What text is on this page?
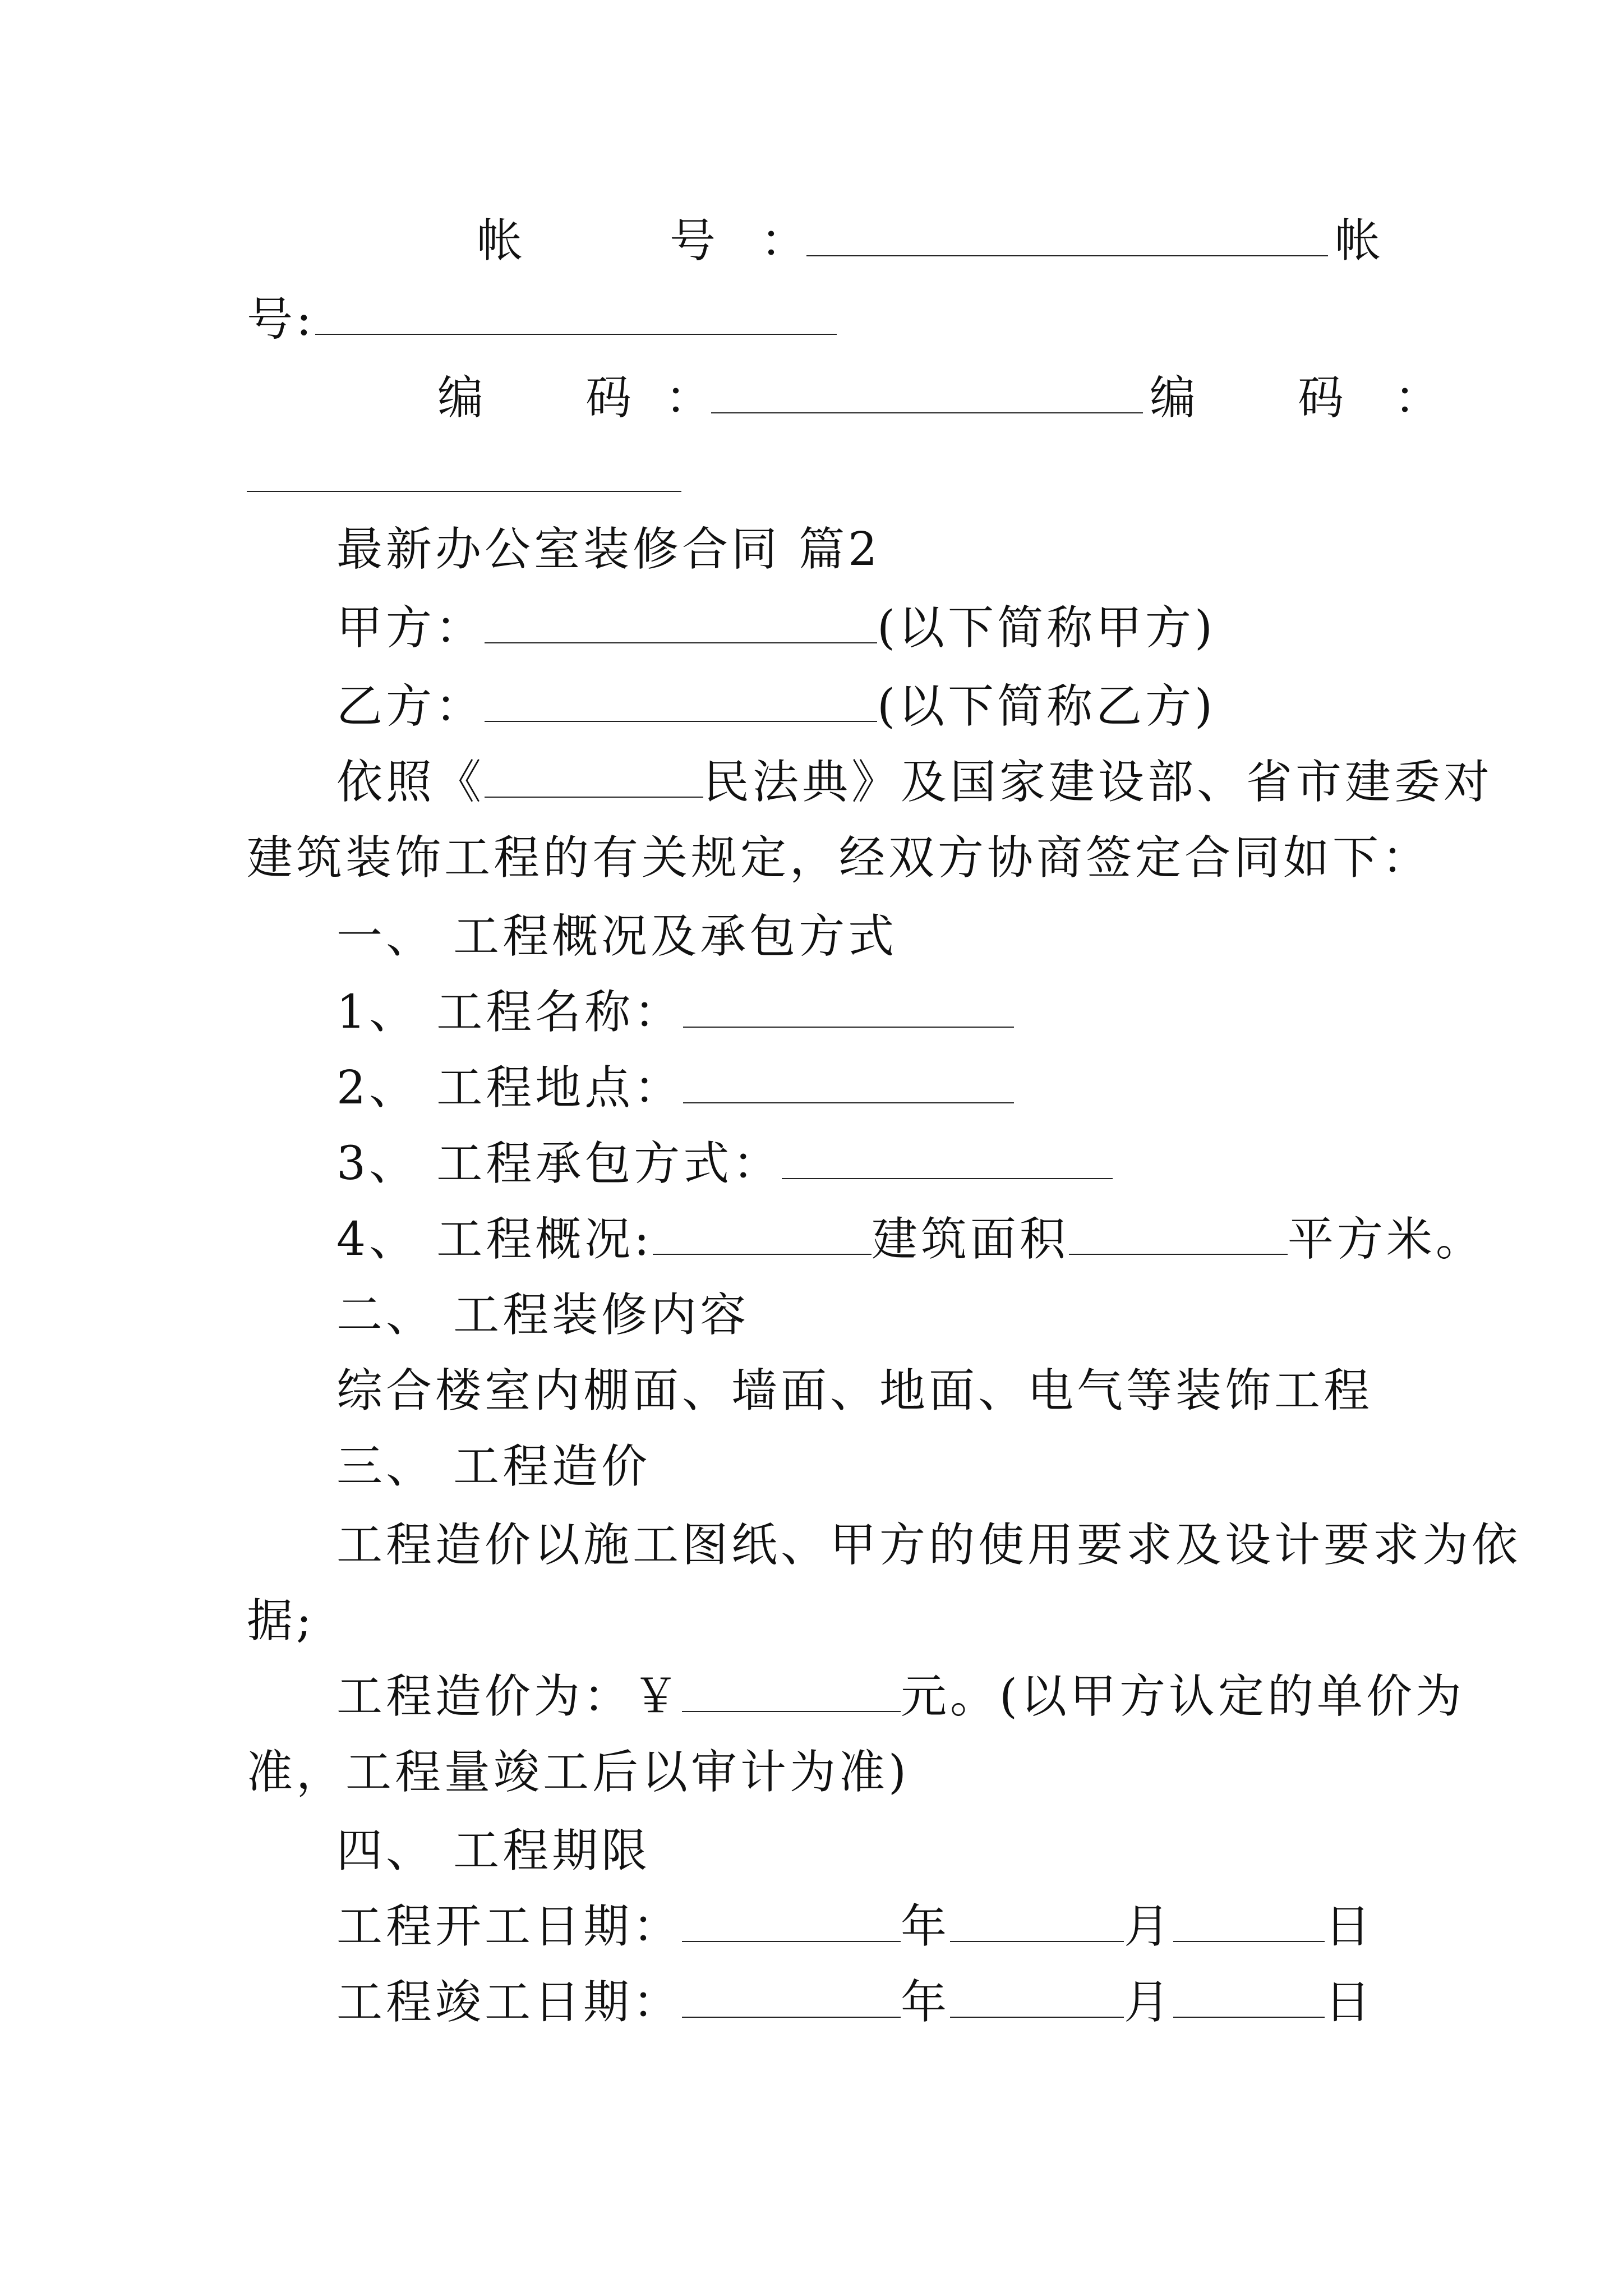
帐　号：	帐
号:
编　码 ：	编　码 ：
最新办公室装修合同 篇2
甲方：	(以下简称甲方)
乙方：	(以下简称乙方)
依照《	民法典》及国家建设部、省市建委对
建筑装饰工程的有关规定，经双方协商签定合同如下：
一、 工程概况及承包方式
1、 工程名称：
2、 工程地点：
3、 工程承包方式：
4、 工程概况:	建筑面积	平方米。
二、 工程装修内容
综合楼室内棚面、墙面、地面、电气等装饰工程
三、 工程造价
工程造价以施工图纸、甲方的使用要求及设计要求为依
据;
工程造价为：￥	元。(以甲方认定的单价为
准，工程量竣工后以审计为准)
四、 工程期限
工程开工日期：	年	月	日
工程竣工日期：	年	月	日
